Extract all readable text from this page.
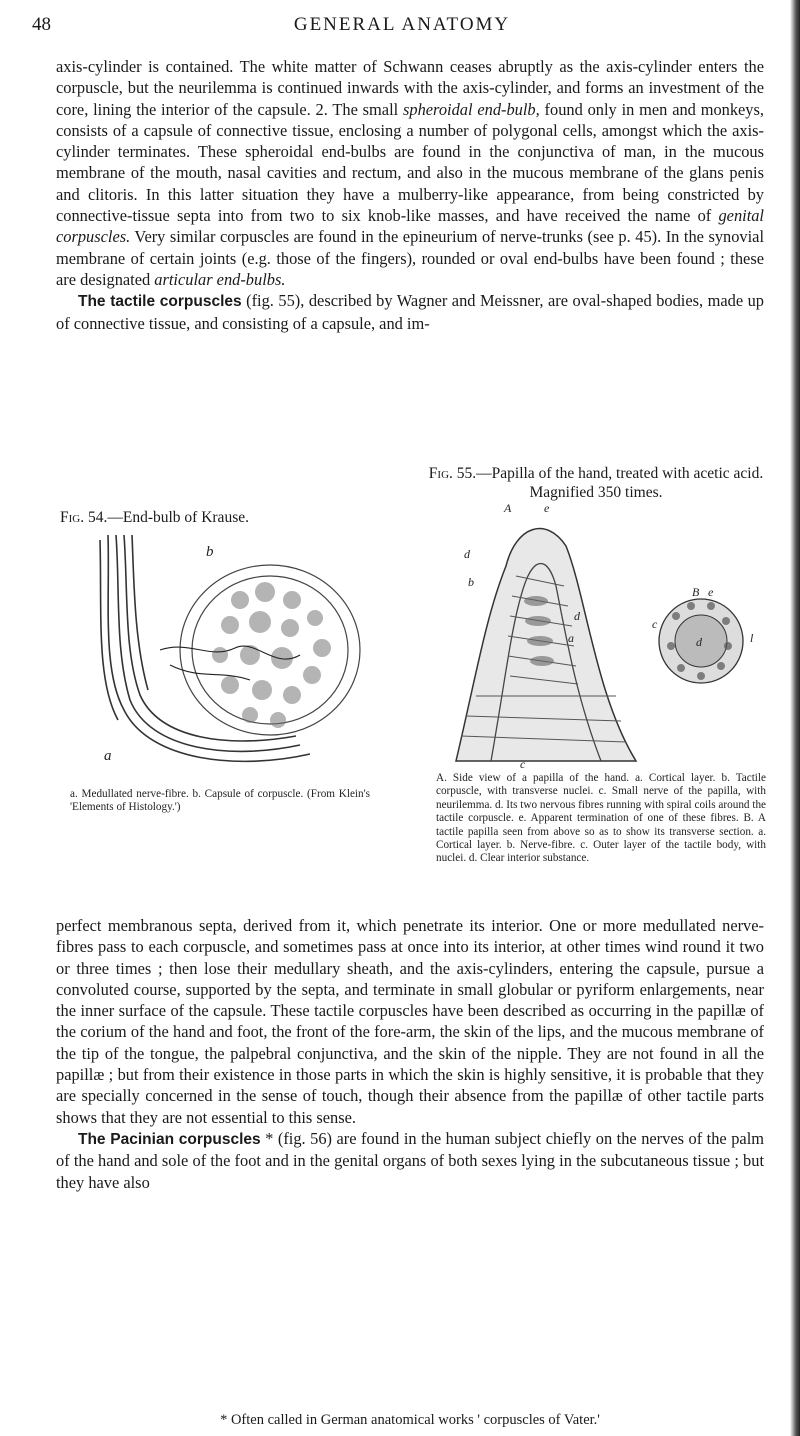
48	GENERAL ANATOMY

axis-cylinder is contained. The white matter of Schwann ceases abruptly as the axis-cylinder enters the corpuscle, but the neurilemma is continued inwards with the axis-cylinder, and forms an investment of the core, lining the interior of the capsule. 2. The small spheroidal end-bulb, found only in men and monkeys, consists of a capsule of connective tissue, enclosing a number of polygonal cells, amongst which the axis-cylinder terminates. These spheroidal end-bulbs are found in the conjunctiva of man, in the mucous membrane of the mouth, nasal cavities and rectum, and also in the mucous membrane of the glans penis and clitoris. In this latter situation they have a mulberry-like appearance, from being constricted by connective-tissue septa into from two to six knob-like masses, and have received the name of genital corpuscles. Very similar corpuscles are found in the epineurium of nerve-trunks (see p. 45). In the synovial membrane of certain joints (e.g. those of the fingers), rounded or oval end-bulbs have been found ; these are designated articular end-bulbs.

The tactile corpuscles (fig. 55), described by Wagner and Meissner, are oval-shaped bodies, made up of connective tissue, and consisting of a capsule, and im-

Fig. 55.—Papilla of the hand, treated with acetic acid. Magnified 350 times.
Fig. 54.—End-bulb of Krause.
b
a
A	e
d
b
d
a
c
B e
c
d	l
a. Medullated nerve-fibre. b. Capsule of corpuscle. (From Klein's 'Elements of Histology.')
A. Side view of a papilla of the hand. a. Cortical layer. b. Tactile corpuscle, with transverse nuclei. c. Small nerve of the papilla, with neurilemma. d. Its two nervous fibres running with spiral coils around the tactile corpuscle. e. Apparent termination of one of these fibres. B. A tactile papilla seen from above so as to show its transverse section. a. Cortical layer. b. Nerve-fibre. c. Outer layer of the tactile body, with nuclei. d. Clear interior substance.

perfect membranous septa, derived from it, which penetrate its interior. One or more medullated nerve-fibres pass to each corpuscle, and sometimes pass at once into its interior, at other times wind round it two or three times ; then lose their medullary sheath, and the axis-cylinders, entering the capsule, pursue a convoluted course, supported by the septa, and terminate in small globular or pyriform enlargements, near the inner surface of the capsule. These tactile corpuscles have been described as occurring in the papillæ of the corium of the hand and foot, the front of the fore-arm, the skin of the lips, and the mucous membrane of the tip of the tongue, the palpebral conjunctiva, and the skin of the nipple. They are not found in all the papillæ ; but from their existence in those parts in which the skin is highly sensitive, it is probable that they are specially concerned in the sense of touch, though their absence from the papillæ of other tactile parts shows that they are not essential to this sense.

The Pacinian corpuscles * (fig. 56) are found in the human subject chiefly on the nerves of the palm of the hand and sole of the foot and in the genital organs of both sexes lying in the subcutaneous tissue ; but they have also

* Often called in German anatomical works ' corpuscles of Vater.'
